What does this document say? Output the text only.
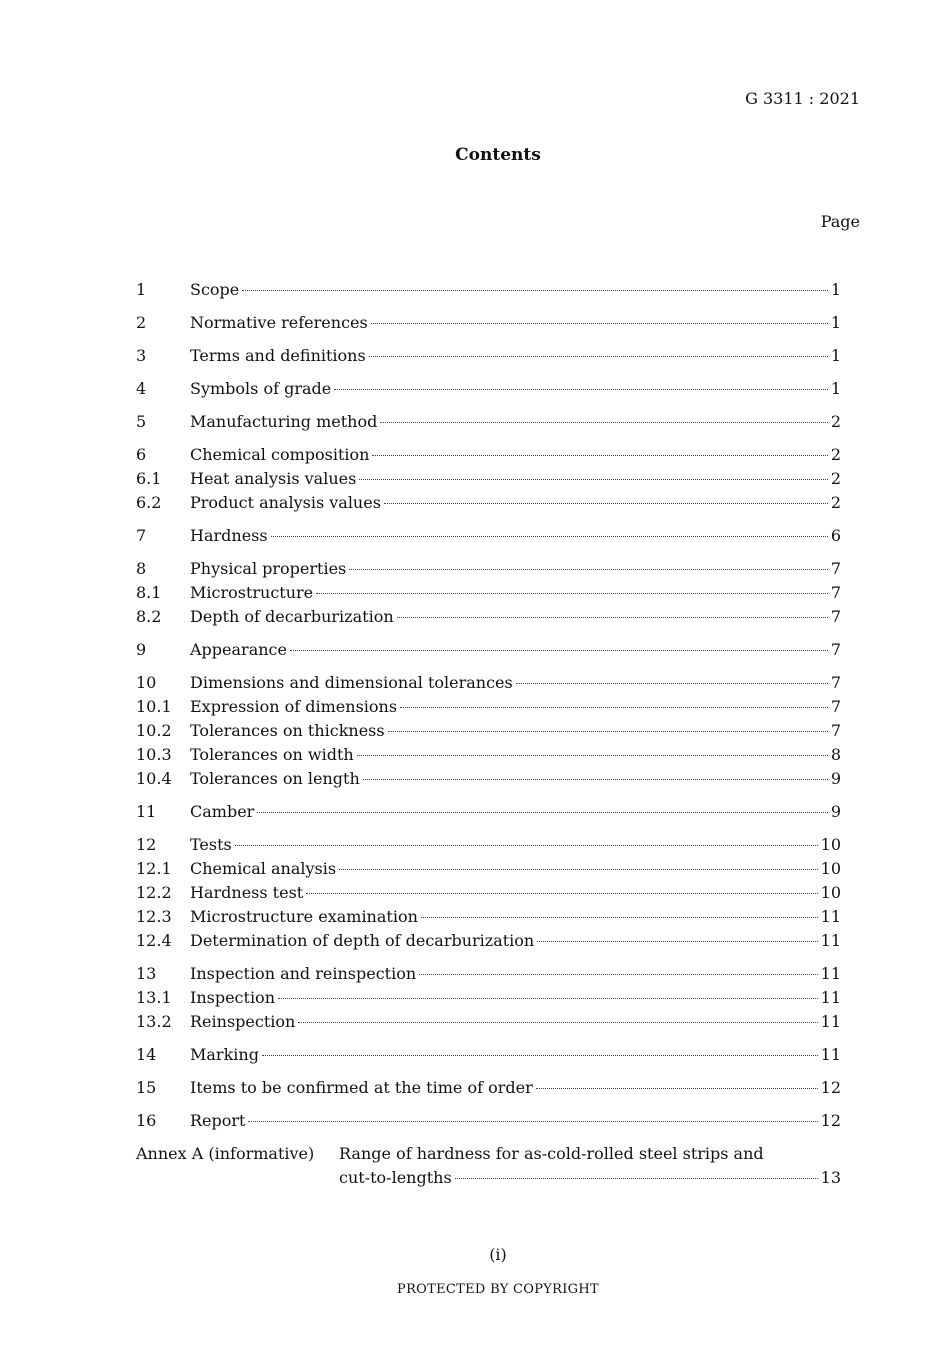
G 3311 : 2021
Contents
Page
1	Scope	1
2	Normative references	1
3	Terms and definitions	1
4	Symbols of grade	1
5	Manufacturing method	2
6	Chemical composition	2
6.1	Heat analysis values	2
6.2	Product analysis values	2
7	Hardness	6
8	Physical properties	7
8.1	Microstructure	7
8.2	Depth of decarburization	7
9	Appearance	7
10	Dimensions and dimensional tolerances	7
10.1	Expression of dimensions	7
10.2	Tolerances on thickness	7
10.3	Tolerances on width	8
10.4	Tolerances on length	9
11	Camber	9
12	Tests	10
12.1	Chemical analysis	10
12.2	Hardness test	10
12.3	Microstructure examination	11
12.4	Determination of depth of decarburization	11
13	Inspection and reinspection	11
13.1	Inspection	11
13.2	Reinspection	11
14	Marking	11
15	Items to be confirmed at the time of order	12
16	Report	12
Annex A (informative)	Range of hardness for as-cold-rolled steel strips and
cut-to-lengths	13
(i)
PROTECTED BY COPYRIGHT
